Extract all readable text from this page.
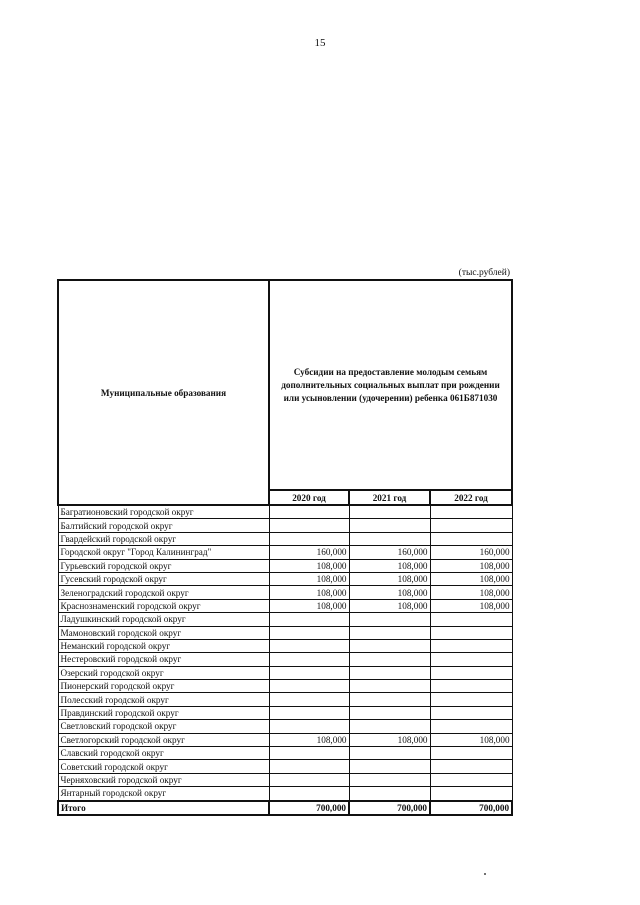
15
(тыс.рублей)
Муниципальные образования	Субсидии на предоставление молодым семьям дополнительных социальных выплат при рождении или усыновлении (удочерении) ребенка 061Б871030		
	2020 год	2021 год	2022 год
Багратионовский городской округ			
Балтийский городской округ			
Гвардейский городской округ			
Городской округ "Город Калининград"	160,000	160,000	160,000
Гурьевский городской округ	108,000	108,000	108,000
Гусевский городской округ	108,000	108,000	108,000
Зеленоградский городской округ	108,000	108,000	108,000
Краснознаменский городской округ	108,000	108,000	108,000
Ладушкинский городской округ			
Мамоновский городской округ			
Неманский городской округ			
Нестеровский городской округ			
Озерский городской округ			
Пионерский городской округ			
Полесский городской округ			
Правдинский городской округ			
Светловский городской округ			
Светлогорский городской округ	108,000	108,000	108,000
Славский городской округ			
Советский городской округ			
Черняховский городской округ			
Янтарный городской округ			
Итого	700,000	700,000	700,000
